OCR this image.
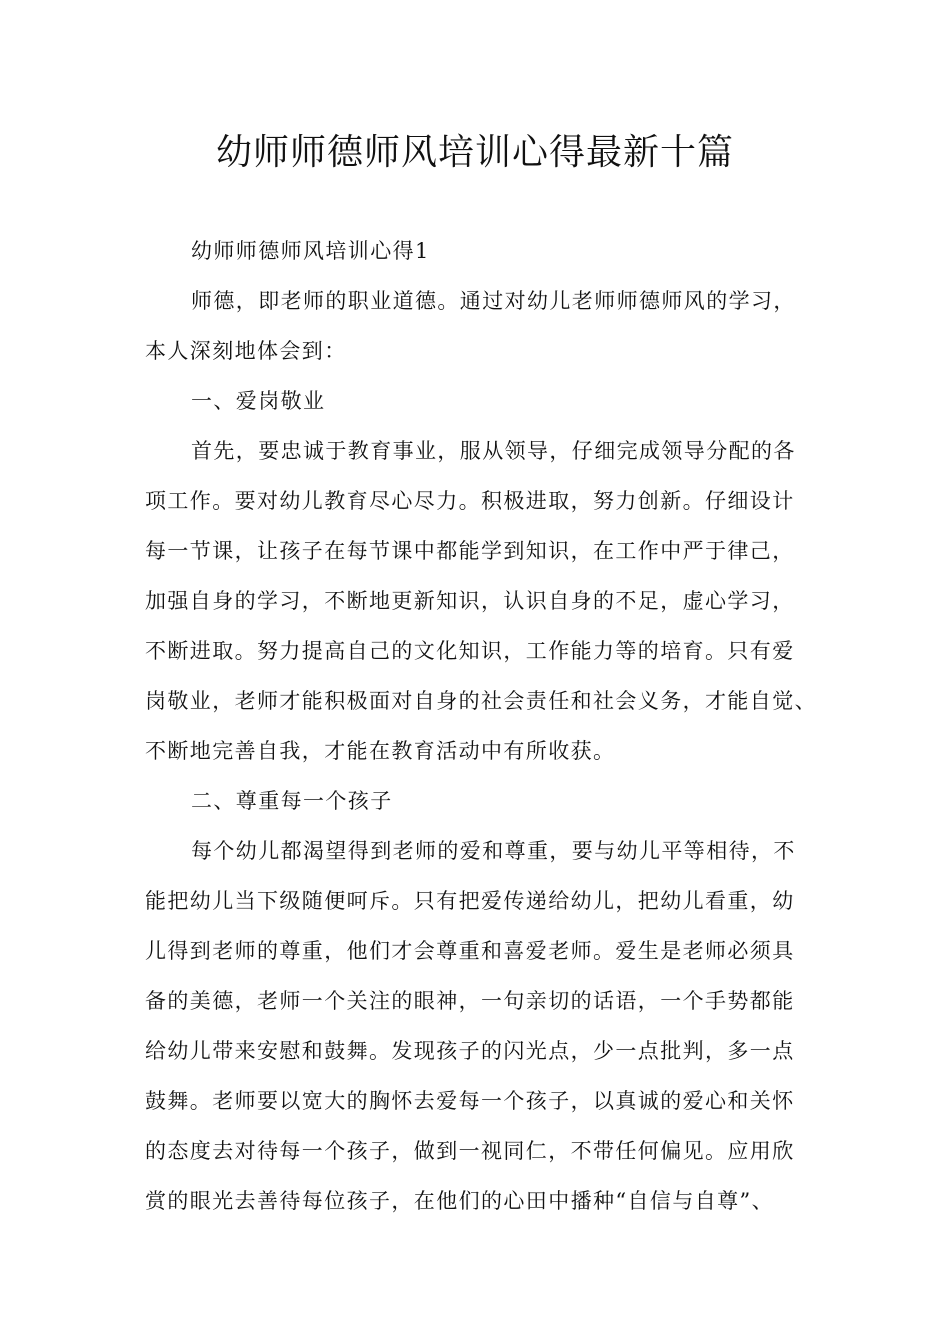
幼师师德师风培训心得最新十篇
幼师师德师风培训心得1
师德，即老师的职业道德。通过对幼儿老师师德师风的学习，
本人深刻地体会到：
一、爱岗敬业
首先，要忠诚于教育事业，服从领导，仔细完成领导分配的各
项工作。要对幼儿教育尽心尽力。积极进取，努力创新。仔细设计
每一节课，让孩子在每节课中都能学到知识，在工作中严于律己，
加强自身的学习，不断地更新知识，认识自身的不足，虚心学习，
不断进取。努力提高自己的文化知识，工作能力等的培育。只有爱
岗敬业，老师才能积极面对自身的社会责任和社会义务，才能自觉、
不断地完善自我，才能在教育活动中有所收获。
二、尊重每一个孩子
每个幼儿都渴望得到老师的爱和尊重，要与幼儿平等相待，不
能把幼儿当下级随便呵斥。只有把爱传递给幼儿，把幼儿看重，幼
儿得到老师的尊重，他们才会尊重和喜爱老师。爱生是老师必须具
备的美德，老师一个关注的眼神，一句亲切的话语，一个手势都能
给幼儿带来安慰和鼓舞。发现孩子的闪光点，少一点批判，多一点
鼓舞。老师要以宽大的胸怀去爱每一个孩子，以真诚的爱心和关怀
的态度去对待每一个孩子，做到一视同仁，不带任何偏见。应用欣
赏的眼光去善待每位孩子，在他们的心田中播种“自信与自尊”、
